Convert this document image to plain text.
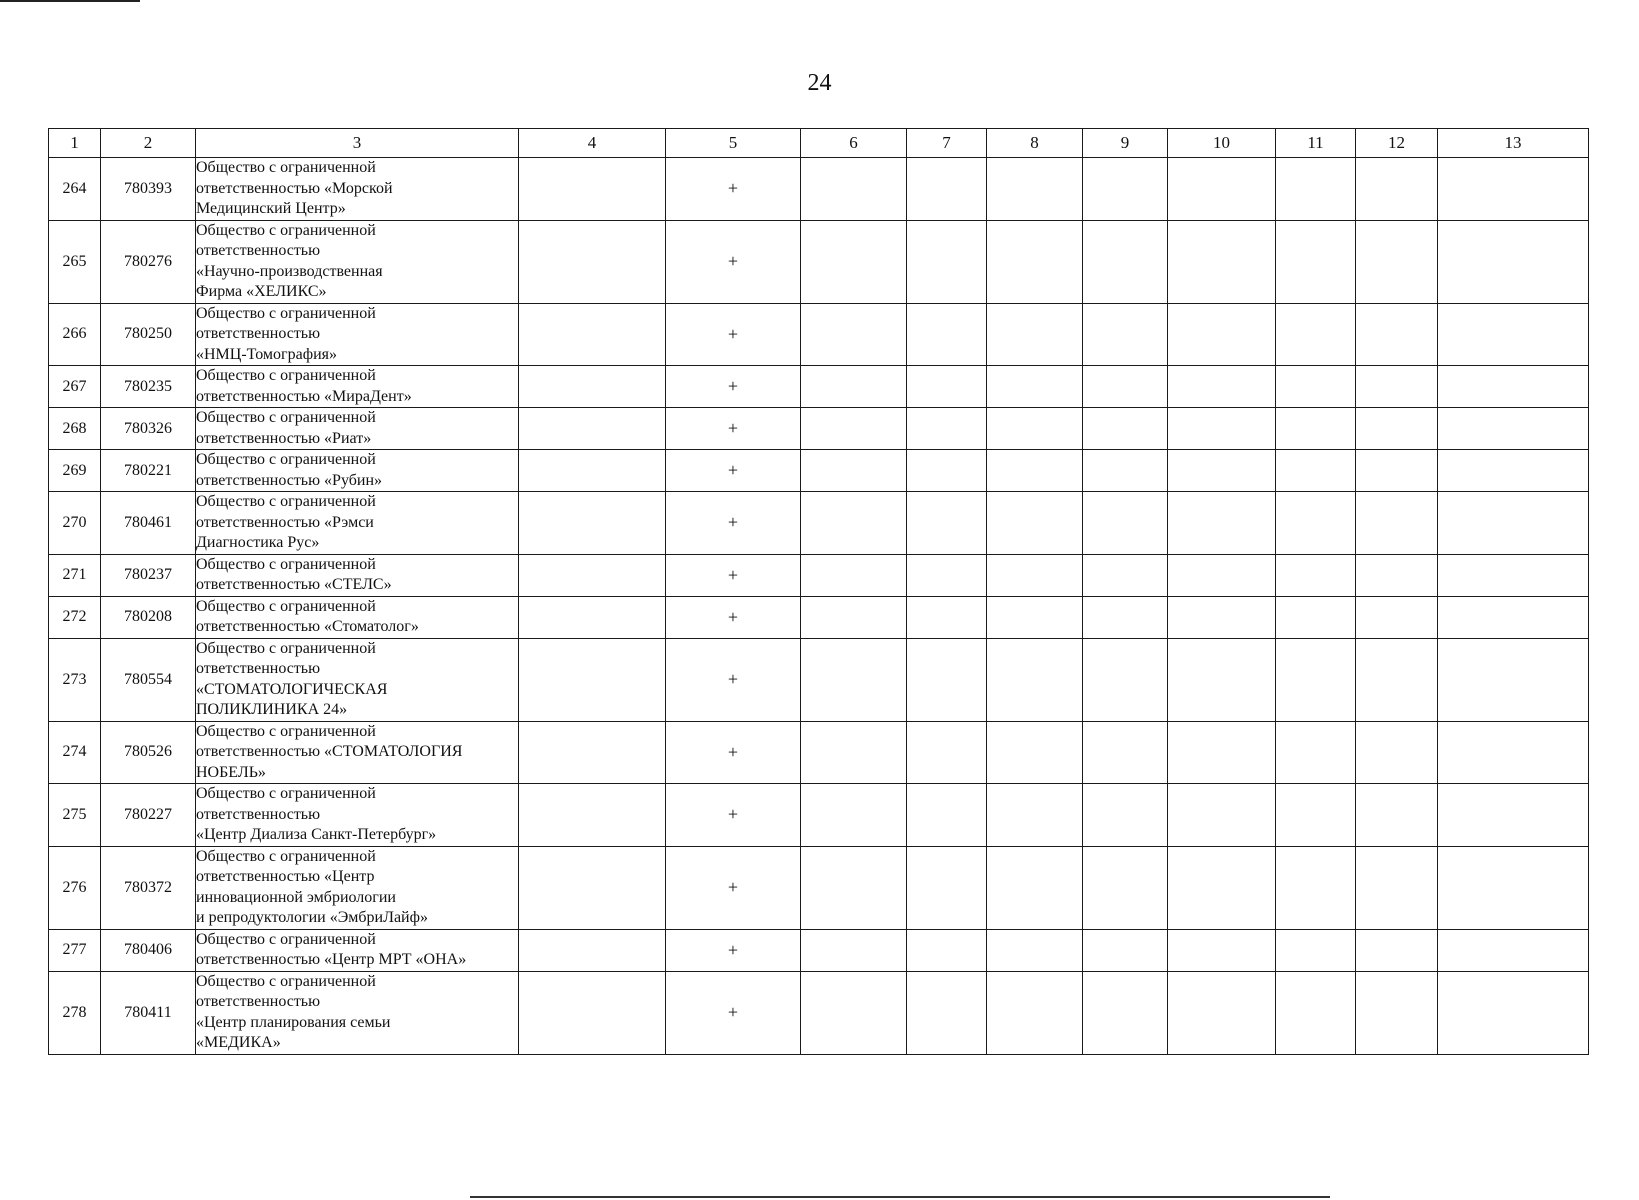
24
1	2	3	4	5	6	7	8	9	10	11	12	13
264	780393	Общество с ограниченной
ответственностью «Морской
Медицинский Центр»		+								
265	780276	Общество с ограниченной
ответственностью
«Научно-производственная
Фирма «ХЕЛИКС»		+								
266	780250	Общество с ограниченной
ответственностью
«НМЦ-Томография»		+								
267	780235	Общество с ограниченной
ответственностью «МираДент»		+								
268	780326	Общество с ограниченной
ответственностью «Риат»		+								
269	780221	Общество с ограниченной
ответственностью «Рубин»		+								
270	780461	Общество с ограниченной
ответственностью «Рэмси
Диагностика Рус»		+								
271	780237	Общество с ограниченной
ответственностью «СТЕЛС»		+								
272	780208	Общество с ограниченной
ответственностью «Стоматолог»		+								
273	780554	Общество с ограниченной
ответственностью
«СТОМАТОЛОГИЧЕСКАЯ
ПОЛИКЛИНИКА 24»		+								
274	780526	Общество с ограниченной
ответственностью «СТОМАТОЛОГИЯ
НОБЕЛЬ»		+								
275	780227	Общество с ограниченной
ответственностью
«Центр Диализа Санкт-Петербург»		+								
276	780372	Общество с ограниченной
ответственностью «Центр
инновационной эмбриологии
и репродуктологии «ЭмбриЛайф»		+								
277	780406	Общество с ограниченной
ответственностью «Центр МРТ «ОНА»		+								
278	780411	Общество с ограниченной
ответственностью
«Центр планирования семьи
«МЕДИКА»		+								
